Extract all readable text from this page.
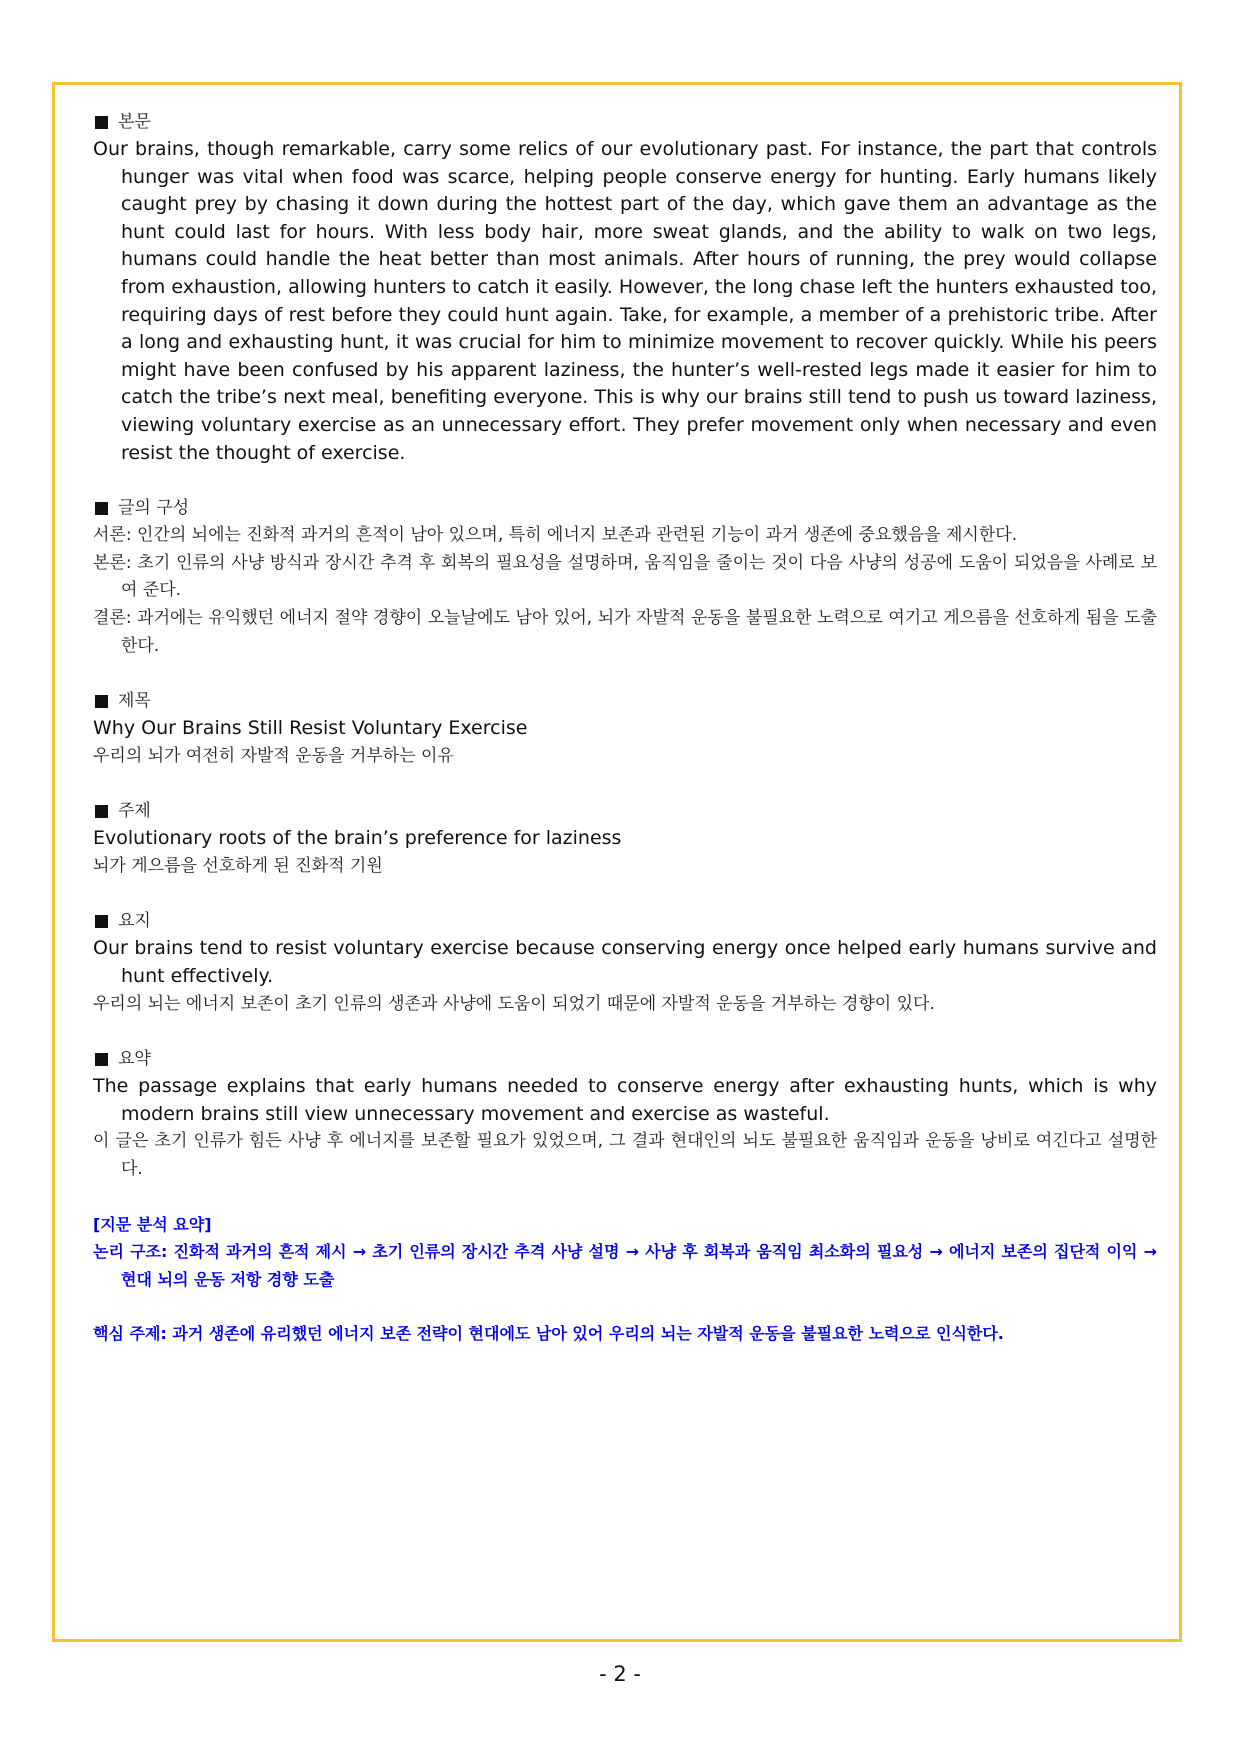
본문

Our brains, though remarkable, carry some relics of our evolutionary past. For instance, the part that controls hunger was vital when food was scarce, helping people conserve energy for hunting. Early humans likely caught prey by chasing it down during the hottest part of the day, which gave them an advantage as the hunt could last for hours. With less body hair, more sweat glands, and the ability to walk on two legs, humans could handle the heat better than most animals. After hours of running, the prey would collapse from exhaustion, allowing hunters to catch it easily. However, the long chase left the hunters exhausted too, requiring days of rest before they could hunt again. Take, for example, a member of a prehistoric tribe. After a long and exhausting hunt, it was crucial for him to minimize movement to recover quickly. While his peers might have been confused by his apparent laziness, the hunter’s well-rested legs made it easier for him to catch the tribe’s next meal, benefiting everyone. This is why our brains still tend to push us toward laziness, viewing voluntary exercise as an unnecessary effort. They prefer movement only when necessary and even resist the thought of exercise.

글의 구성

서론: 인간의 뇌에는 진화적 과거의 흔적이 남아 있으며, 특히 에너지 보존과 관련된 기능이 과거 생존에 중요했음을 제시한다.

본론: 초기 인류의 사냥 방식과 장시간 추격 후 회복의 필요성을 설명하며, 움직임을 줄이는 것이 다음 사냥의 성공에 도움이 되었음을 사례로 보여 준다.

결론: 과거에는 유익했던 에너지 절약 경향이 오늘날에도 남아 있어, 뇌가 자발적 운동을 불필요한 노력으로 여기고 게으름을 선호하게 됨을 도출한다.

제목

Why Our Brains Still Resist Voluntary Exercise

우리의 뇌가 여전히 자발적 운동을 거부하는 이유

주제

Evolutionary roots of the brain’s preference for laziness

뇌가 게으름을 선호하게 된 진화적 기원

요지

Our brains tend to resist voluntary exercise because conserving energy once helped early humans survive and hunt effectively.

우리의 뇌는 에너지 보존이 초기 인류의 생존과 사냥에 도움이 되었기 때문에 자발적 운동을 거부하는 경향이 있다.

요약

The passage explains that early humans needed to conserve energy after exhausting hunts, which is why modern brains still view unnecessary movement and exercise as wasteful.

이 글은 초기 인류가 힘든 사냥 후 에너지를 보존할 필요가 있었으며, 그 결과 현대인의 뇌도 불필요한 움직임과 운동을 낭비로 여긴다고 설명한다.

[지문 분석 요약]

논리 구조: 진화적 과거의 흔적 제시 → 초기 인류의 장시간 추격 사냥 설명 → 사냥 후 회복과 움직임 최소화의 필요성 → 에너지 보존의 집단적 이익 → 현대 뇌의 운동 저항 경향 도출

핵심 주제: 과거 생존에 유리했던 에너지 보존 전략이 현대에도 남아 있어 우리의 뇌는 자발적 운동을 불필요한 노력으로 인식한다.

- 2 -
